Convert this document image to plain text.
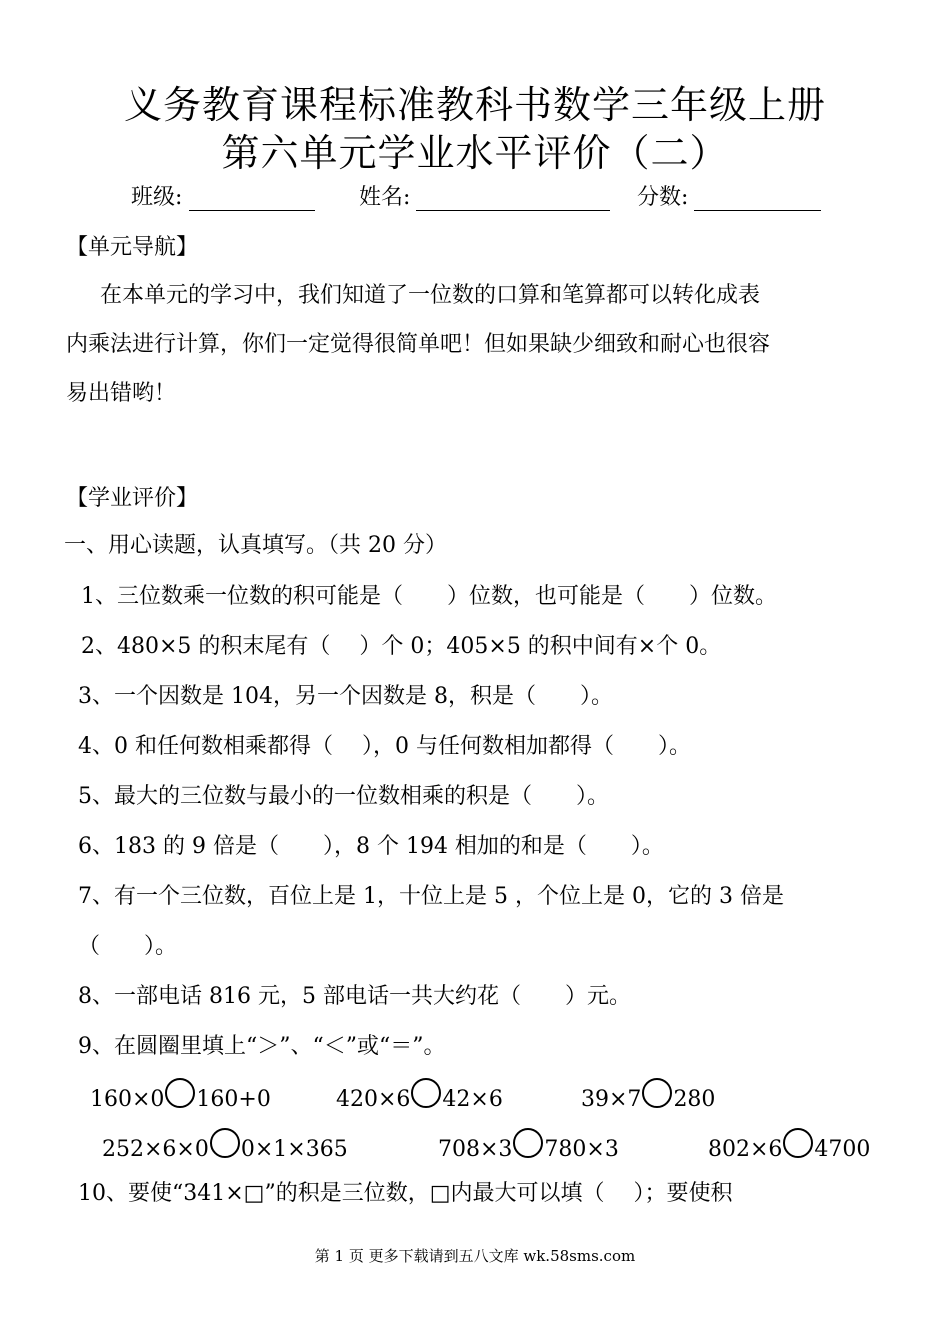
义务教育课程标准教科书数学三年级上册
第六单元学业水平评价（二）
班级:	姓名:	分数:
【单元导航】
在本单元的学习中，我们知道了一位数的口算和笔算都可以转化成表
内乘法进行计算，你们一定觉得很简单吧！但如果缺少细致和耐心也很容
易出错哟！
【学业评价】
一、用心读题，认真填写。（共 20 分）
1、三位数乘一位数的积可能是（　　）位数，也可能是（　　）位数。
2、480×5 的积末尾有（　 ）个 0；405×5 的积中间有×个 0。
3、一个因数是 104，另一个因数是 8，积是（　　）。
4、0 和任何数相乘都得（　 ），0 与任何数相加都得（　　）。
5、最大的三位数与最小的一位数相乘的积是（　　）。
6、183 的 9 倍是（　　），8 个 194 相加的和是（　　）。
7、有一个三位数，百位上是 1，十位上是 5 ，个位上是 0，它的 3 倍是
（　　）。
8、一部电话 816 元，5 部电话一共大约花（　　）元。
9、在圆圈里填上“＞”、“＜”或“＝”。
160×0 160+0	420×6 42×6	39×7 280
252×6×0 0×1×365	708×3 780×3	802×6 4700
10、要使“341×□”的积是三位数，□内最大可以填（　 ）；要使积
第 1 页 更多下载请到五八文库 wk.58sms.com
